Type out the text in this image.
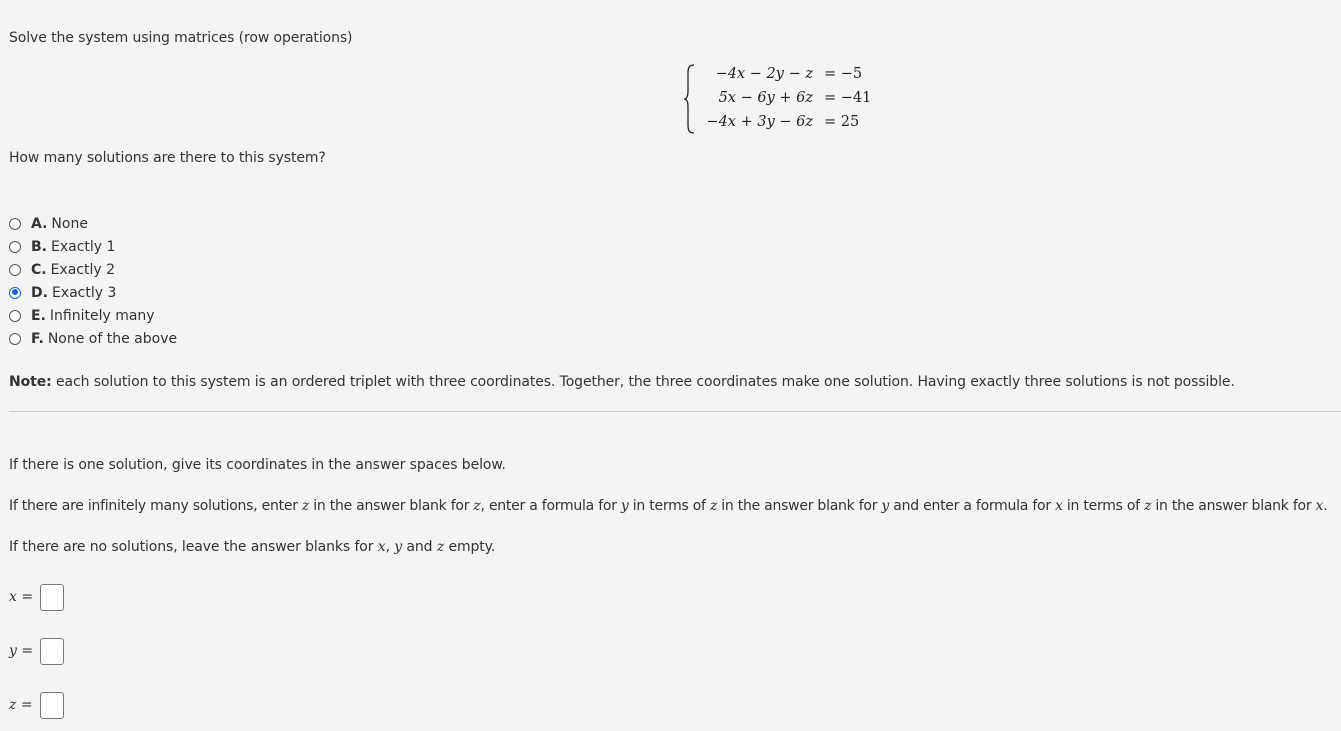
Solve the system using matrices (row operations)

−4x − 2y − z = −5
5x − 6y + 6z = −41
−4x + 3y − 6z = 25

How many solutions are there to this system?

A. None
B. Exactly 1
C. Exactly 2
D. Exactly 3
E. Infinitely many
F. None of the above

Note: each solution to this system is an ordered triplet with three coordinates. Together, the three coordinates make one solution. Having exactly three solutions is not possible.

If there is one solution, give its coordinates in the answer spaces below.

If there are infinitely many solutions, enter z in the answer blank for z, enter a formula for y in terms of z in the answer blank for y and enter a formula for x in terms of z in the answer blank for x.

If there are no solutions, leave the answer blanks for x, y and z empty.

x =
y =
z =
